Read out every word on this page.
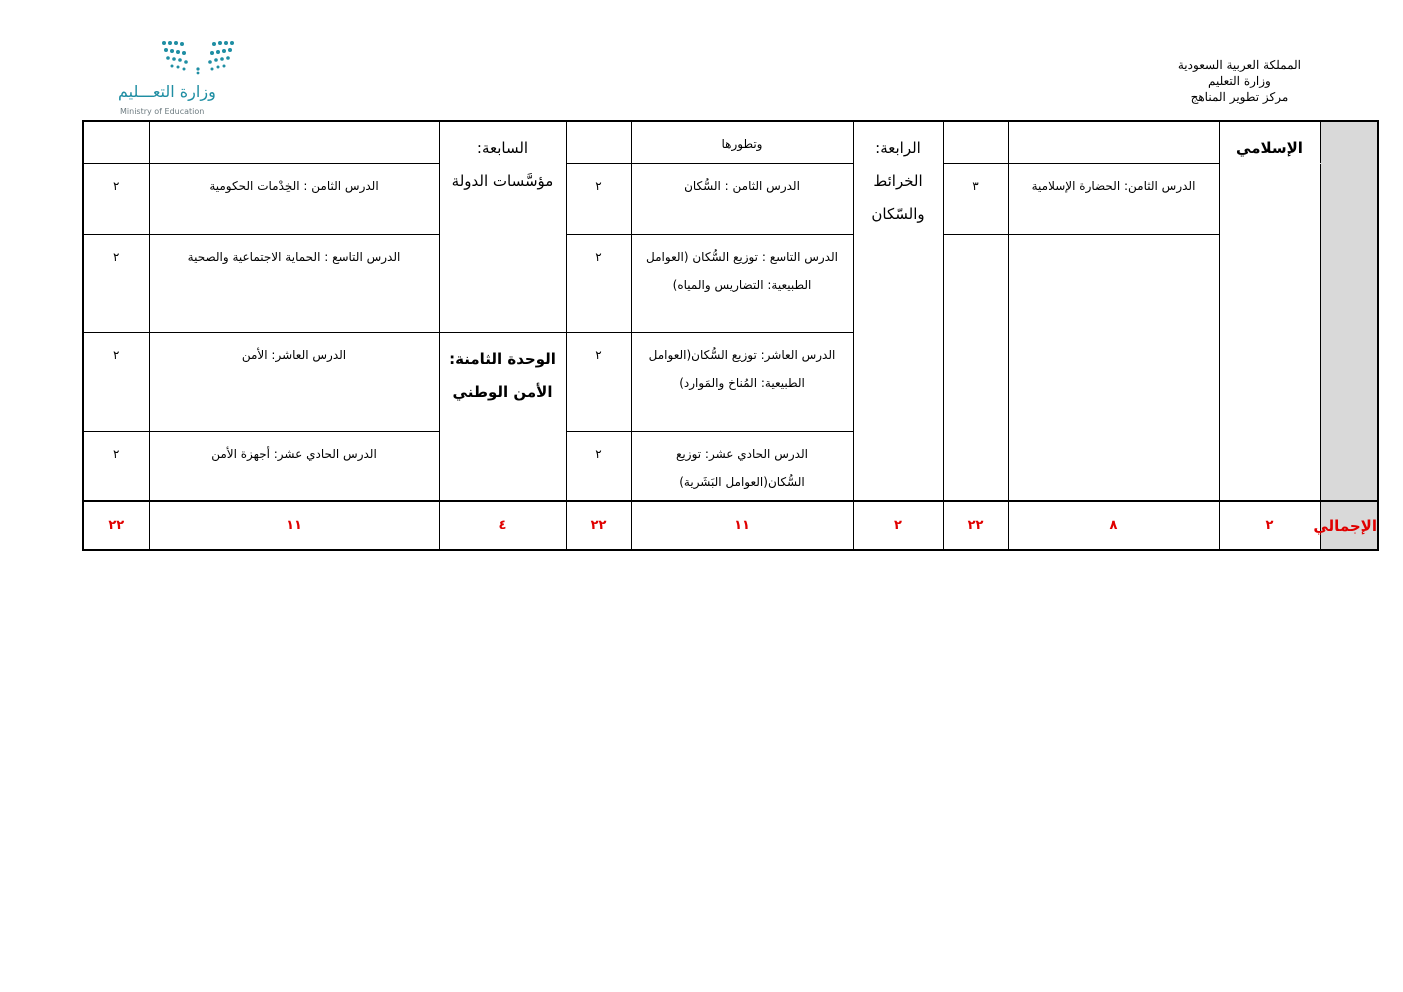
المملكة العربية السعودية
وزارة التعليم
مركز تطوير المناهج
وزارة التعـــليم
Ministry of Education
	الإسلامي			الرابعة: الخرائط والسّكان	وتطورها		السابعة: مؤسَّسات الدولة		
		الدرس الثامن: الحضارة الإسلامية	٣		الدرس الثامن : السُّكان	٢		الدرس الثامن : الخِدْمات الحكومية	٢
					الدرس التاسع : توزيع السُّكان (العوامل الطبيعية: التضاريس والمياه)	٢		الدرس التاسع : الحماية الاجتماعية والصحية	٢
					الدرس العاشر: توزيع السُّكان(العوامل الطبيعية: المُناخ والمَوارد)	٢	الوحدة الثامنة: الأمن الوطني	الدرس العاشر: الأمن	٢
					الدرس الحادي عشر: توزيع السُّكان(العوامل البَشَرية)	٢		الدرس الحادي عشر: أجهزة الأمن	٢
الإجمالي	٢	٨	٢٢	٢	١١	٢٢	٤	١١	٢٢
